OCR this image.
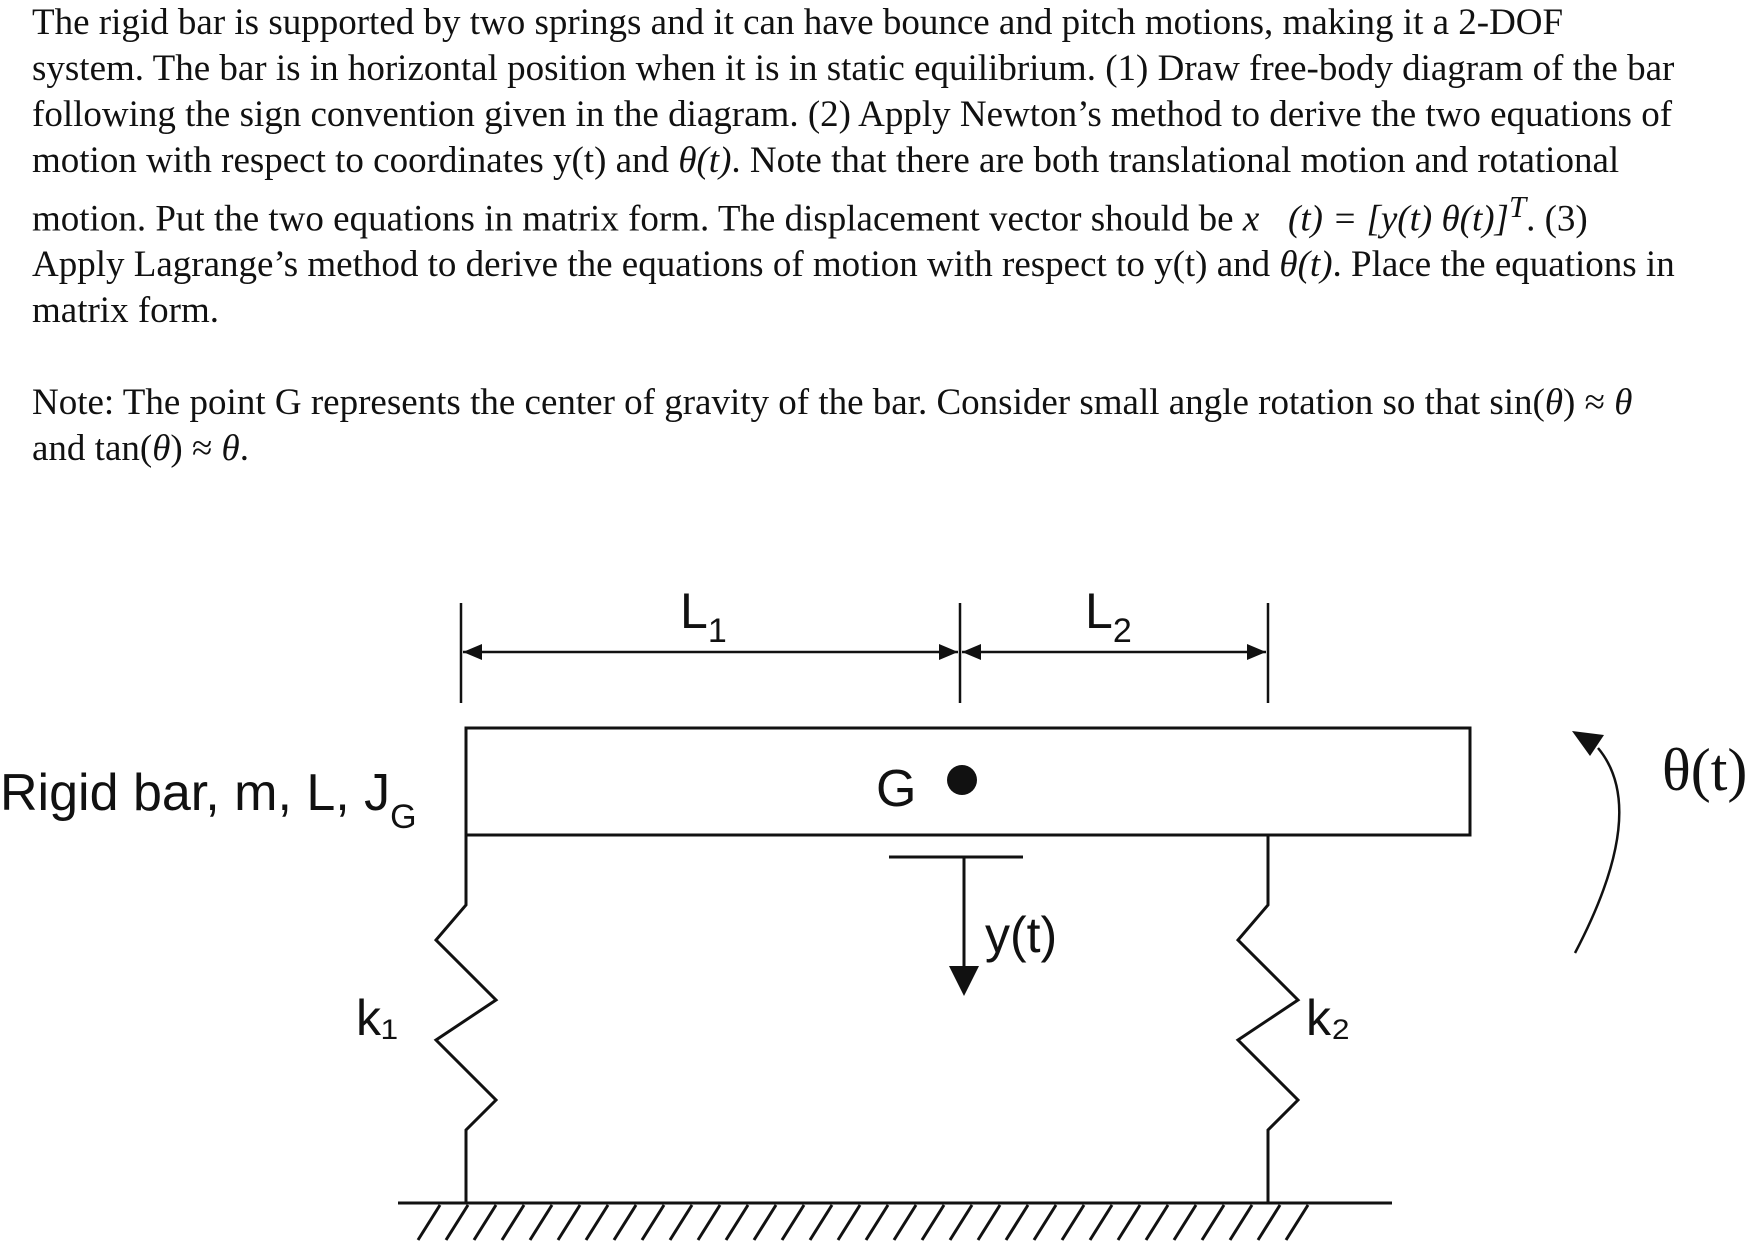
The rigid bar is supported by two springs and it can have bounce and pitch motions, making it a 2-DOF system. The bar is in horizontal position when it is in static equilibrium. (1) Draw free-body diagram of the bar following the sign convention given in the diagram. (2) Apply Newton’s method to derive the two equations of motion with respect to coordinates y(t) and θ(t). Note that there are both translational motion and rotational motion. Put the two equations in matrix form. The displacement vector should be x⃗(t) = [y(t) θ(t)]$^T$. (3) Apply Lagrange’s method to derive the equations of motion with respect to y(t) and θ(t). Place the equations in matrix form.

Note: The point G represents the center of gravity of the bar. Consider small angle rotation so that sin(θ) ≈ θ and tan(θ) ≈ θ.

$L_1$	$L_2$
G
Rigid bar, m, L, $J_G$
y(t)
θ(t)
k₁	k₂
